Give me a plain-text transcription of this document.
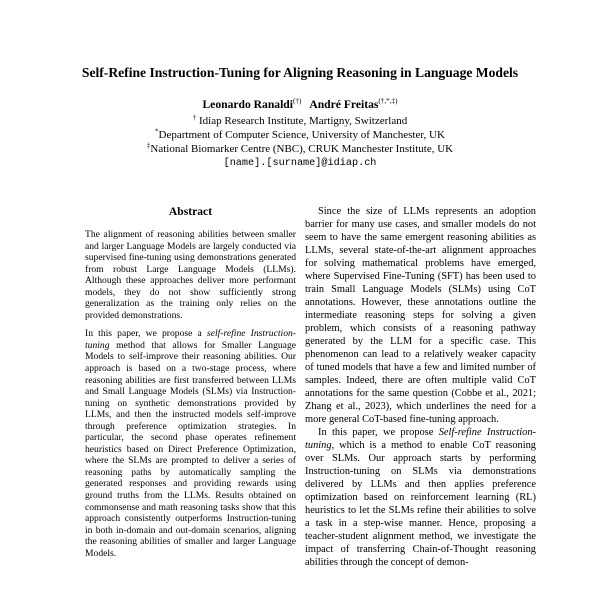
Self-Refine Instruction-Tuning for Aligning Reasoning in Language Models
Leonardo Ranaldi(†) André Freitas(†,*,‡)
† Idiap Research Institute, Martigny, Switzerland
*Department of Computer Science, University of Manchester, UK
‡National Biomarker Centre (NBC), CRUK Manchester Institute, UK
[name].[surname]@idiap.ch
Abstract

The alignment of reasoning abilities between smaller and larger Language Models are largely conducted via supervised fine-tuning using demonstrations generated from robust Large Language Models (LLMs). Although these approaches deliver more performant models, they do not show sufficiently strong generalization as the training only relies on the provided demonstrations.

In this paper, we propose a self-refine Instruction-tuning method that allows for Smaller Language Models to self-improve their reasoning abilities. Our approach is based on a two-stage process, where reasoning abilities are first transferred between LLMs and Small Language Models (SLMs) via Instruction-tuning on synthetic demonstrations provided by LLMs, and then the instructed models self-improve through preference optimization strategies. In particular, the second phase operates refinement heuristics based on Direct Preference Optimization, where the SLMs are prompted to deliver a series of reasoning paths by automatically sampling the generated responses and providing rewards using ground truths from the LLMs. Results obtained on commonsense and math reasoning tasks show that this approach consistently outperforms Instruction-tuning in both in-domain and out-domain scenarios, aligning the reasoning abilities of smaller and larger Language Models.

Since the size of LLMs represents an adoption barrier for many use cases, and smaller models do not seem to have the same emergent reasoning abilities as LLMs, several state-of-the-art alignment approaches for solving mathematical problems have emerged, where Supervised Fine-Tuning (SFT) has been used to train Small Language Models (SLMs) using CoT annotations. However, these annotations outline the intermediate reasoning steps for solving a given problem, which consists of a reasoning pathway generated by the LLM for a specific case. This phenomenon can lead to a relatively weaker capacity of tuned models that have a few and limited number of samples. Indeed, there are often multiple valid CoT annotations for the same question (Cobbe et al., 2021; Zhang et al., 2023), which underlines the need for a more general CoT-based fine-tuning approach.

In this paper, we propose Self-refine Instruction-tuning, which is a method to enable CoT reasoning over SLMs. Our approach starts by performing Instruction-tuning on SLMs via demonstrations delivered by LLMs and then applies preference optimization based on reinforcement learning (RL) heuristics to let the SLMs refine their abilities to solve a task in a step-wise manner. Hence, proposing a teacher-student alignment method, we investigate the impact of transferring Chain-of-Thought reasoning abilities through the concept of demon-
